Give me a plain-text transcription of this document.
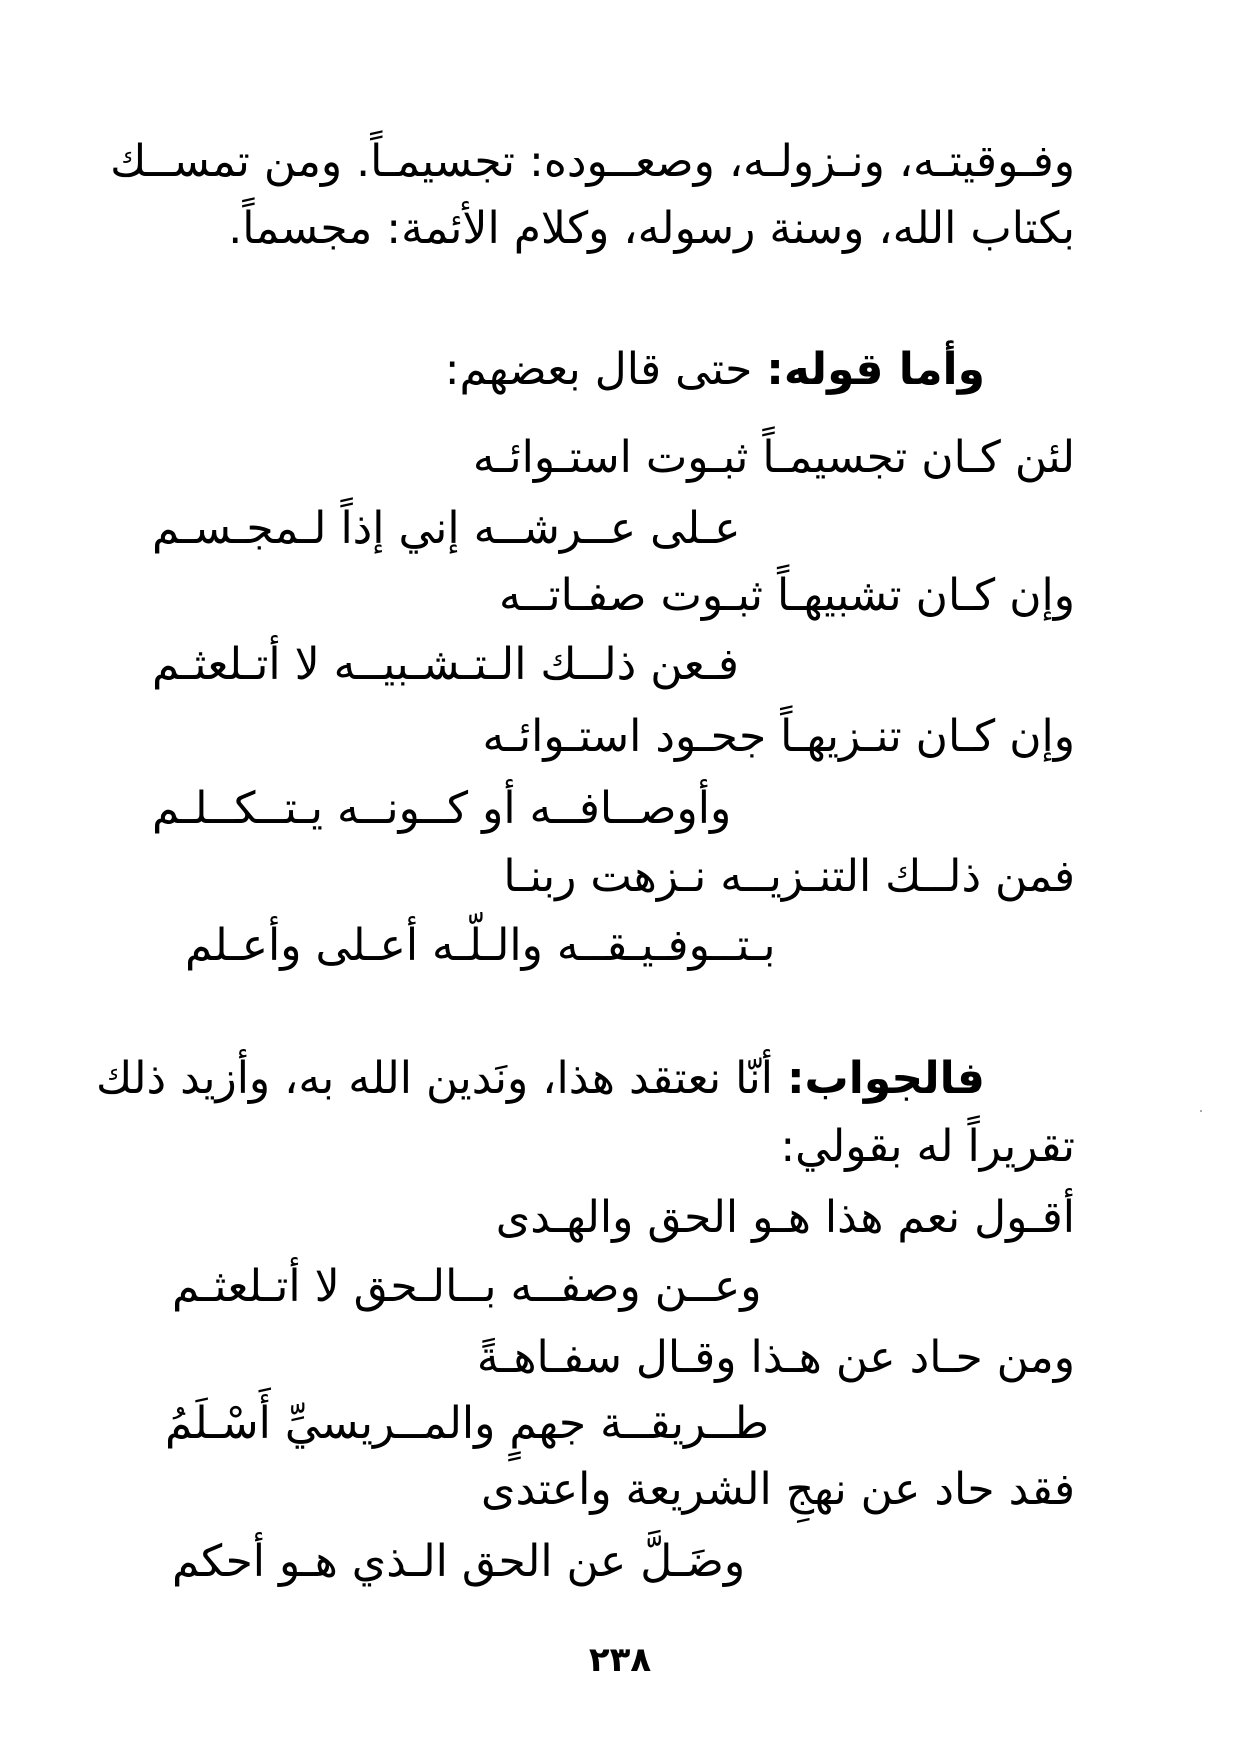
وفـوقيتـه، ونـزولـه، وصعــوده: تجسيمـاً. ومن تمســك
بكتاب الله، وسنة رسوله، وكلام الأئمة: مجسماً.
وأما قوله: حتى قال بعضهم:
لئن كـان تجسيمـاً ثبـوت استـوائـه
عـلى عــرشــه إني إذاً لـمجـسـم
وإن كـان تشبيهـاً ثبـوت صفـاتــه
فـعن ذلــك الـتـشـبيــه لا أتـلعثـم
وإن كـان تنـزيهـاً جحـود استـوائـه
وأوصــافــه أو كــونــه يـتــكــلـم
فمن ذلــك التنـزيــه نـزهت ربنـا
بـتــوفـيـقــه والـلّـه أعـلى وأعـلم
فالجواب: أنّا نعتقد هذا، ونَدين الله به، وأزيد ذلك
تقريراً له بقولي:
أقـول نعم هذا هـو الحق والهـدى
وعــن وصفــه بــالـحق لا أتـلعثـم
ومن حـاد عن هـذا وقـال سفـاهـةً
طــريقــة جهمٍ والمــريسيِّ أَسْـلَمُ
فقد حاد عن نهجِ الشريعة واعتدى
وضَـلَّ عن الحق الـذي هـو أحكم
٢٣٨
